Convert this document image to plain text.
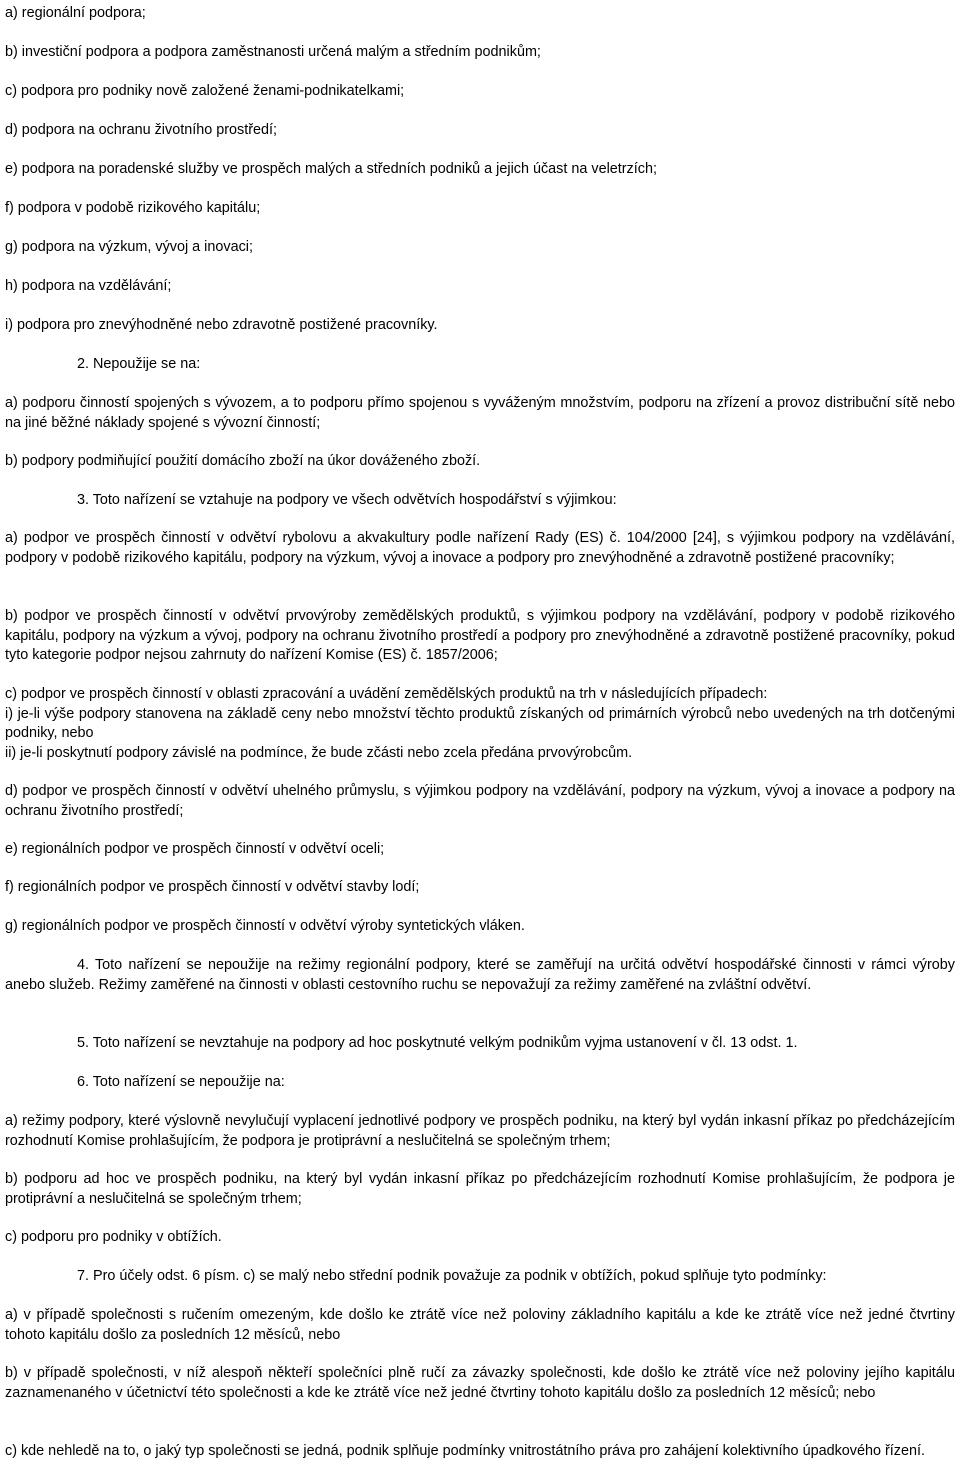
a) regionální podpora;

b) investiční podpora a podpora zaměstnanosti určená malým a středním podnikům;

c) podpora pro podniky nově založené ženami-podnikatelkami;

d) podpora na ochranu životního prostředí;

e) podpora na poradenské služby ve prospěch malých a středních podniků a jejich účast na veletrzích;

f) podpora v podobě rizikového kapitálu;

g) podpora na výzkum, vývoj a inovaci;

h) podpora na vzdělávání;

i) podpora pro znevýhodněné nebo zdravotně postižené pracovníky.

2. Nepoužije se na:

a) podporu činností spojených s vývozem, a to podporu přímo spojenou s vyváženým množstvím, podporu na zřízení a provoz distribuční sítě nebo na jiné běžné náklady spojené s vývozní činností;

b) podpory podmiňující použití domácího zboží na úkor dováženého zboží.

3. Toto nařízení se vztahuje na podpory ve všech odvětvích hospodářství s výjimkou:

a) podpor ve prospěch činností v odvětví rybolovu a akvakultury podle nařízení Rady (ES) č. 104/2000 [24], s výjimkou podpory na vzdělávání, podpory v podobě rizikového kapitálu, podpory na výzkum, vývoj a inovace a podpory pro znevýhodněné a zdravotně postižené pracovníky;

b) podpor ve prospěch činností v odvětví prvovýroby zemědělských produktů, s výjimkou podpory na vzdělávání, podpory v podobě rizikového kapitálu, podpory na výzkum a vývoj, podpory na ochranu životního prostředí a podpory pro znevýhodněné a zdravotně postižené pracovníky, pokud tyto kategorie podpor nejsou zahrnuty do nařízení Komise (ES) č. 1857/2006;

c) podpor ve prospěch činností v oblasti zpracování a uvádění zemědělských produktů na trh v následujících případech:
i) je-li výše podpory stanovena na základě ceny nebo množství těchto produktů získaných od primárních výrobců nebo uvedených na trh dotčenými podniky, nebo
ii) je-li poskytnutí podpory závislé na podmínce, že bude zčásti nebo zcela předána prvovýrobcům.

d) podpor ve prospěch činností v odvětví uhelného průmyslu, s výjimkou podpory na vzdělávání, podpory na výzkum, vývoj a inovace a podpory na ochranu životního prostředí;

e) regionálních podpor ve prospěch činností v odvětví oceli;

f) regionálních podpor ve prospěch činností v odvětví stavby lodí;

g) regionálních podpor ve prospěch činností v odvětví výroby syntetických vláken.

4. Toto nařízení se nepoužije na režimy regionální podpory, které se zaměřují na určitá odvětví hospodářské činnosti v rámci výroby anebo služeb. Režimy zaměřené na činnosti v oblasti cestovního ruchu se nepovažují za režimy zaměřené na zvláštní odvětví.

5. Toto nařízení se nevztahuje na podpory ad hoc poskytnuté velkým podnikům vyjma ustanovení v čl. 13 odst. 1.

6. Toto nařízení se nepoužije na:

a) režimy podpory, které výslovně nevylučují vyplacení jednotlivé podpory ve prospěch podniku, na který byl vydán inkasní příkaz po předcházejícím rozhodnutí Komise prohlašujícím, že podpora je protiprávní a neslučitelná se společným trhem;

b) podporu ad hoc ve prospěch podniku, na který byl vydán inkasní příkaz po předcházejícím rozhodnutí Komise prohlašujícím, že podpora je protiprávní a neslučitelná se společným trhem;

c) podporu pro podniky v obtížích.

7. Pro účely odst. 6 písm. c) se malý nebo střední podnik považuje za podnik v obtížích, pokud splňuje tyto podmínky:

a) v případě společnosti s ručením omezeným, kde došlo ke ztrátě více než poloviny základního kapitálu a kde ke ztrátě více než jedné čtvrtiny tohoto kapitálu došlo za posledních 12 měsíců, nebo

b) v případě společnosti, v níž alespoň někteří společníci plně ručí za závazky společnosti, kde došlo ke ztrátě více než poloviny jejího kapitálu zaznamenaného v účetnictví této společnosti a kde ke ztrátě více než jedné čtvrtiny tohoto kapitálu došlo za posledních 12 měsíců; nebo

c) kde nehledě na to, o jaký typ společnosti se jedná, podnik splňuje podmínky vnitrostátního práva pro zahájení kolektivního úpadkového řízení.
